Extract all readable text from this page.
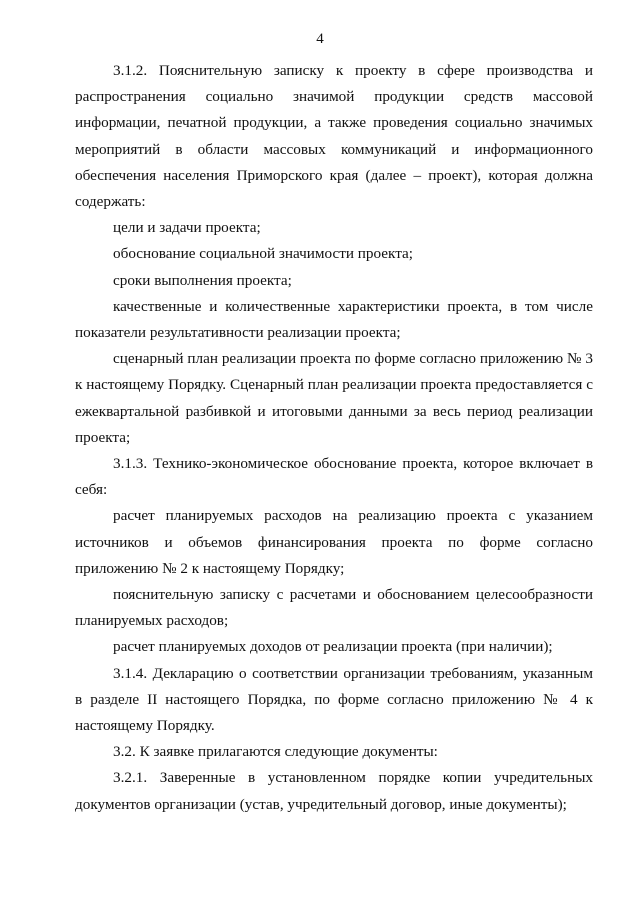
4

3.1.2. Пояснительную записку к проекту в сфере производства и распространения социально значимой продукции средств массовой информации, печатной продукции, а также проведения социально значимых мероприятий в области массовых коммуникаций и информационного обеспечения населения Приморского края (далее – проект), которая должна содержать:

цели и задачи проекта;

обоснование социальной значимости проекта;

сроки выполнения проекта;

качественные и количественные характеристики проекта, в том числе показатели результативности реализации проекта;

сценарный план реализации проекта по форме согласно приложению № 3 к настоящему Порядку. Сценарный план реализации проекта предоставляется с ежеквартальной разбивкой и итоговыми данными за весь период реализации проекта;

3.1.3. Технико-экономическое обоснование проекта, которое включает в себя:

расчет планируемых расходов на реализацию проекта с указанием источников и объемов финансирования проекта по форме согласно приложению № 2 к настоящему Порядку;

пояснительную записку с расчетами и обоснованием целесообразности планируемых расходов;

расчет планируемых доходов от реализации проекта (при наличии);

3.1.4. Декларацию о соответствии организации требованиям, указанным в разделе II настоящего Порядка, по форме согласно приложению № 4 к настоящему Порядку.

3.2. К заявке прилагаются следующие документы:

3.2.1. Заверенные в установленном порядке копии учредительных документов организации (устав, учредительный договор, иные документы);
